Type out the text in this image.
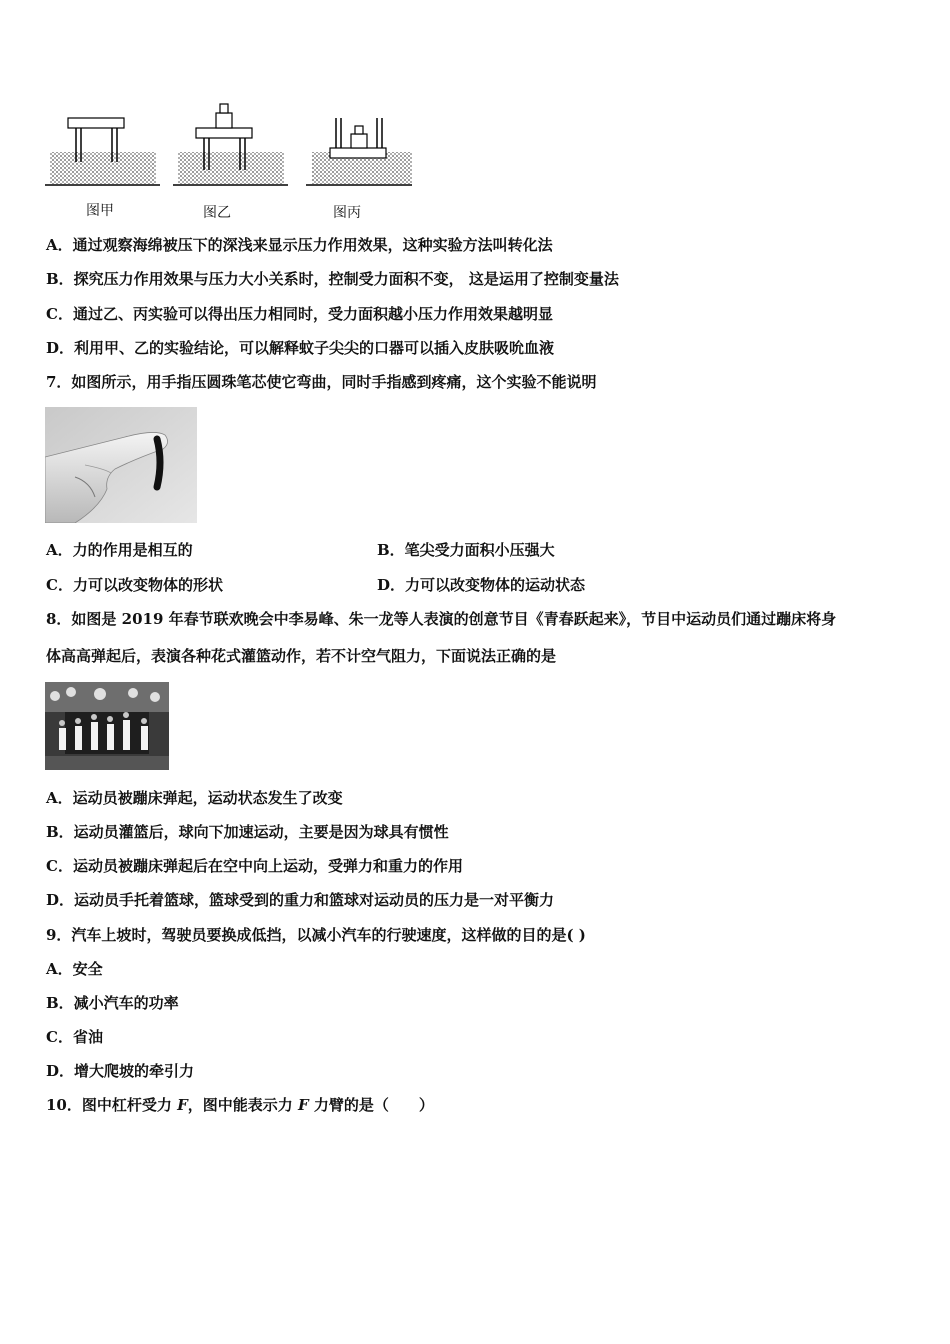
图甲	图乙	图丙
A．通过观察海绵被压下的深浅来显示压力作用效果，这种实验方法叫转化法
B．探究压力作用效果与压力大小关系时，控制受力面积不变， 这是运用了控制变量法
C．通过乙、丙实验可以得出压力相同时，受力面积越小压力作用效果越明显
D．利用甲、乙的实验结论，可以解释蚊子尖尖的口器可以插入皮肤吸吮血液
7．如图所示，用手指压圆珠笔芯使它弯曲，同时手指感到疼痛，这个实验不能说明
A．力的作用是相互的	B．笔尖受力面积小压强大
C．力可以改变物体的形状	D．力可以改变物体的运动状态
8．如图是 2019 年春节联欢晚会中李易峰、朱一龙等人表演的创意节目《青春跃起来》，节目中运动员们通过蹦床将身
体高高弹起后，表演各种花式灌篮动作，若不计空气阻力，下面说法正确的是
A．运动员被蹦床弹起，运动状态发生了改变
B．运动员灌篮后，球向下加速运动，主要是因为球具有惯性
C．运动员被蹦床弹起后在空中向上运动，受弹力和重力的作用
D．运动员手托着篮球，篮球受到的重力和篮球对运动员的压力是一对平衡力
9．汽车上坡时，驾驶员要换成低挡，以减小汽车的行驶速度，这样做的目的是( )
A．安全
B．减小汽车的功率
C．省油
D．增大爬坡的牵引力
10．图中杠杆受力 F，图中能表示力 F 力臂的是（　　）
